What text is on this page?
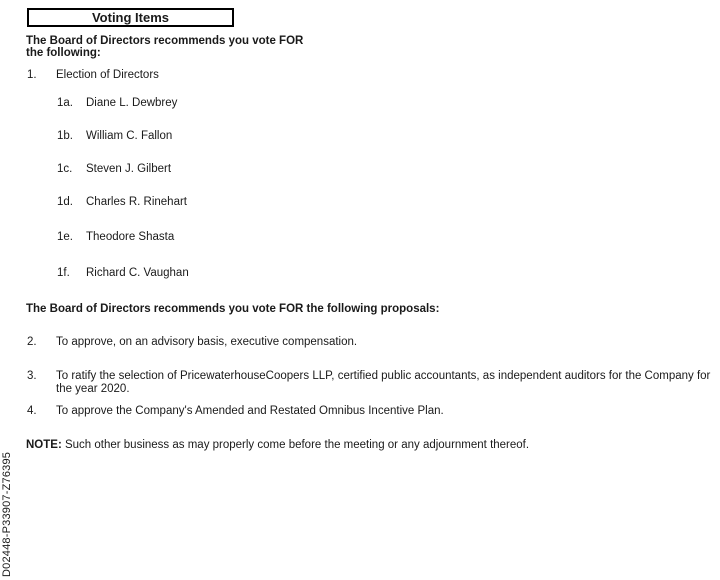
Voting Items
The Board of Directors recommends you vote FOR the following:
1. Election of Directors
1a. Diane L. Dewbrey
1b. William C. Fallon
1c. Steven J. Gilbert
1d. Charles R. Rinehart
1e. Theodore Shasta
1f. Richard C. Vaughan
The Board of Directors recommends you vote FOR the following proposals:
2. To approve, on an advisory basis, executive compensation.
3. To ratify the selection of PricewaterhouseCoopers LLP, certified public accountants, as independent auditors for the Company for the year 2020.
4. To approve the Company's Amended and Restated Omnibus Incentive Plan.
NOTE: Such other business as may properly come before the meeting or any adjournment thereof.
D02448-P33907-Z76395
